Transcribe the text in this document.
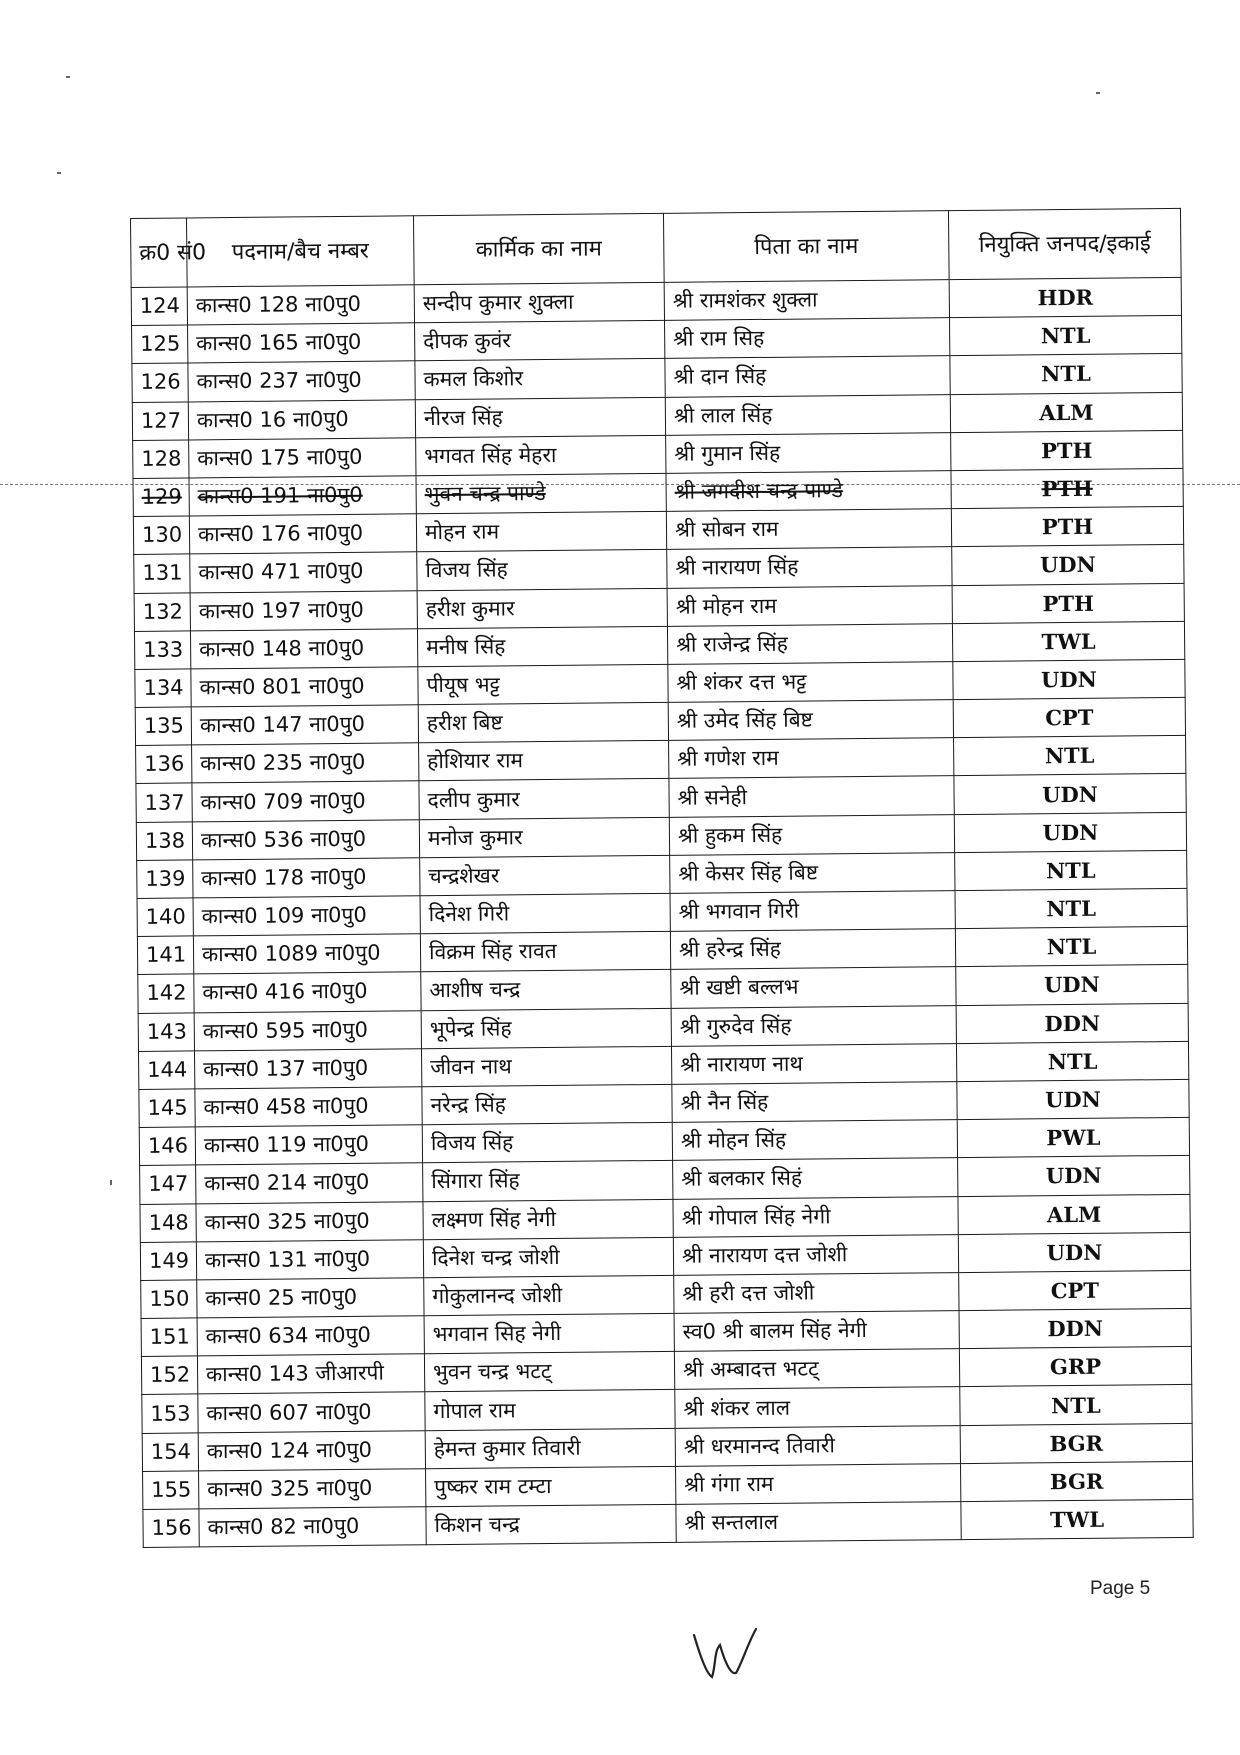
क्र0 सं0	पदनाम/बैच नम्बर	कार्मिक का नाम	पिता का नाम	नियुक्ति जनपद/इकाई
124	कान्स0 128 ना0पु0	सन्दीप कुमार शुक्ला	श्री रामशंकर शुक्ला	HDR
125	कान्स0 165 ना0पु0	दीपक कुवंर	श्री राम सिह	NTL
126	कान्स0 237 ना0पु0	कमल किशोर	श्री दान सिंह	NTL
127	कान्स0 16 ना0पु0	नीरज सिंह	श्री लाल सिंह	ALM
128	कान्स0 175 ना0पु0	भगवत सिंह मेहरा	श्री गुमान सिंह	PTH
129	कान्स0 191 ना0पु0	भुवन चन्द्र पाण्डे	श्री जगदीश चन्द्र पाण्डे	PTH
130	कान्स0 176 ना0पु0	मोहन राम	श्री सोबन राम	PTH
131	कान्स0 471 ना0पु0	विजय सिंह	श्री नारायण सिंह	UDN
132	कान्स0 197 ना0पु0	हरीश कुमार	श्री मोहन राम	PTH
133	कान्स0 148 ना0पु0	मनीष सिंह	श्री राजेन्द्र सिंह	TWL
134	कान्स0 801 ना0पु0	पीयूष भट्ट	श्री शंकर दत्त भट्ट	UDN
135	कान्स0 147 ना0पु0	हरीश बिष्ट	श्री उमेद सिंह बिष्ट	CPT
136	कान्स0 235 ना0पु0	होशियार राम	श्री गणेश राम	NTL
137	कान्स0 709 ना0पु0	दलीप कुमार	श्री सनेही	UDN
138	कान्स0 536 ना0पु0	मनोज कुमार	श्री हुकम सिंह	UDN
139	कान्स0 178 ना0पु0	चन्द्रशेखर	श्री केसर सिंह बिष्ट	NTL
140	कान्स0 109 ना0पु0	दिनेश गिरी	श्री भगवान गिरी	NTL
141	कान्स0 1089 ना0पु0	विक्रम सिंह रावत	श्री हरेन्द्र सिंह	NTL
142	कान्स0 416 ना0पु0	आशीष चन्द्र	श्री खष्टी बल्लभ	UDN
143	कान्स0 595 ना0पु0	भूपेन्द्र सिंह	श्री गुरुदेव सिंह	DDN
144	कान्स0 137 ना0पु0	जीवन नाथ	श्री नारायण नाथ	NTL
145	कान्स0 458 ना0पु0	नरेन्द्र सिंह	श्री नैन सिंह	UDN
146	कान्स0 119 ना0पु0	विजय सिंह	श्री मोहन सिंह	PWL
147	कान्स0 214 ना0पु0	सिंगारा सिंह	श्री बलकार सिहं	UDN
148	कान्स0 325 ना0पु0	लक्ष्मण सिंह नेगी	श्री गोपाल सिंह नेगी	ALM
149	कान्स0 131 ना0पु0	दिनेश चन्द्र जोशी	श्री नारायण दत्त जोशी	UDN
150	कान्स0 25 ना0पु0	गोकुलानन्द जोशी	श्री हरी दत्त जोशी	CPT
151	कान्स0 634 ना0पु0	भगवान सिह नेगी	स्व0 श्री बालम सिंह नेगी	DDN
152	कान्स0 143 जीआरपी	भुवन चन्द्र भटट्	श्री अम्बादत्त भटट्	GRP
153	कान्स0 607 ना0पु0	गोपाल राम	श्री शंकर लाल	NTL
154	कान्स0 124 ना0पु0	हेमन्त कुमार तिवारी	श्री धरमानन्द तिवारी	BGR
155	कान्स0 325 ना0पु0	पुष्कर राम टम्टा	श्री गंगा राम	BGR
156	कान्स0 82 ना0पु0	किशन चन्द्र	श्री सन्तलाल	TWL
Page 5
